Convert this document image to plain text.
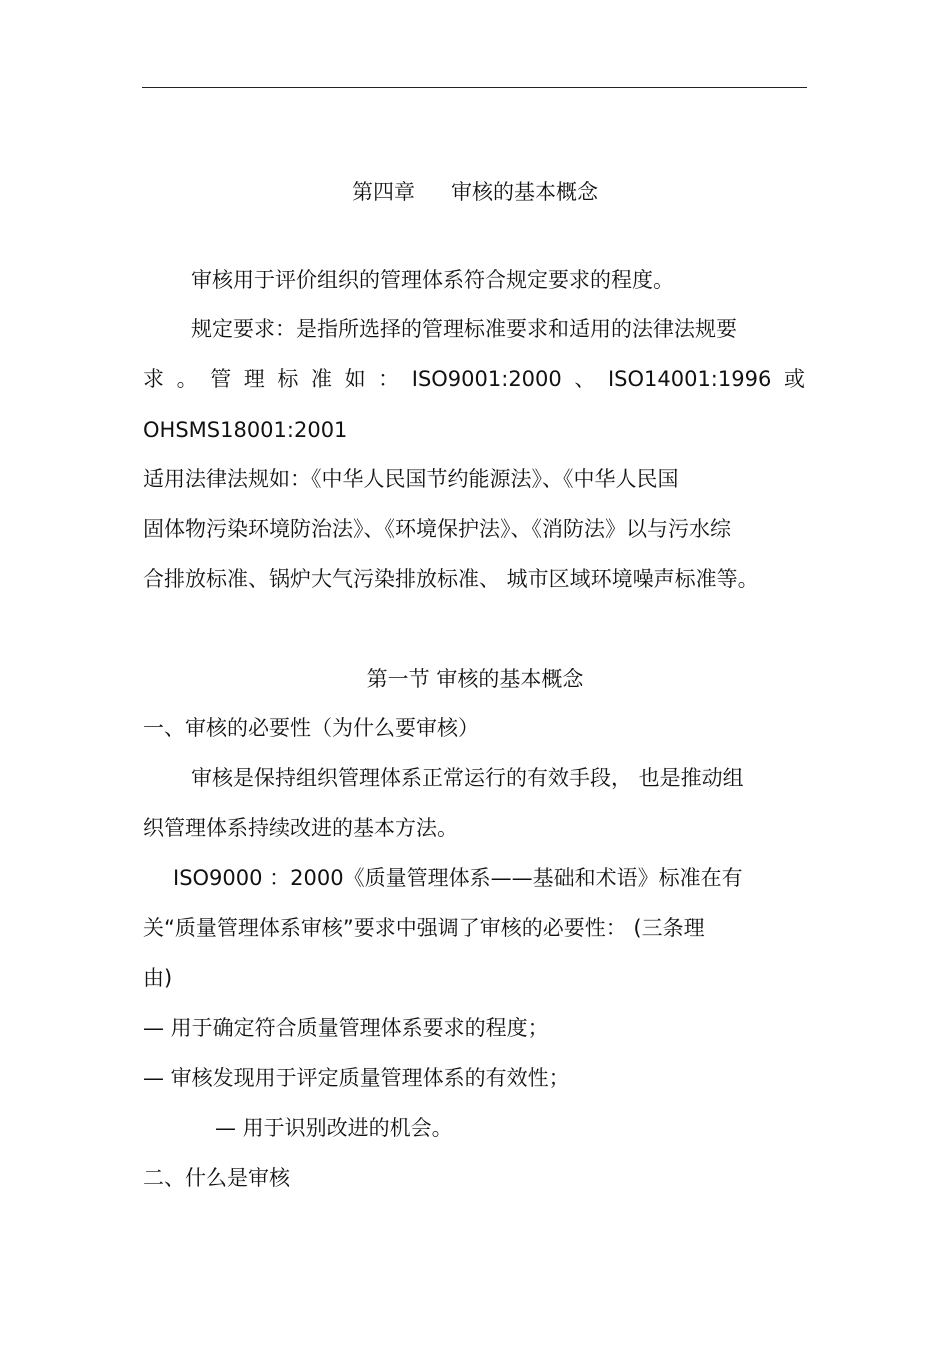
第四章 审核的基本概念
审核用于评价组织的管理体系符合规定要求的程度。
规定要求：是指所选择的管理标准要求和适用的法律法规要
求 。 管 理 标 准 如 ： ISO9001:2000 、 ISO14001:1996 或
OHSMS18001:2001
适用法律法规如：《中华人民国节约能源法》、《中华人民国
固体物污染环境防治法》、《环境保护法》、《消防法》以与污水综
合排放标准、锅炉大气污染排放标准、 城市区域环境噪声标准等。
第一节 审核的基本概念
一、审核的必要性（为什么要审核）
审核是保持组织管理体系正常运行的有效手段， 也是推动组
织管理体系持续改进的基本方法。
ISO9000 ：2000《质量管理体系——基础和术语》标准在有
关“质量管理体系审核”要求中强调了审核的必要性： (三条理
由)
— 用于确定符合质量管理体系要求的程度；
— 审核发现用于评定质量管理体系的有效性；
— 用于识别改进的机会。
二、什么是审核
